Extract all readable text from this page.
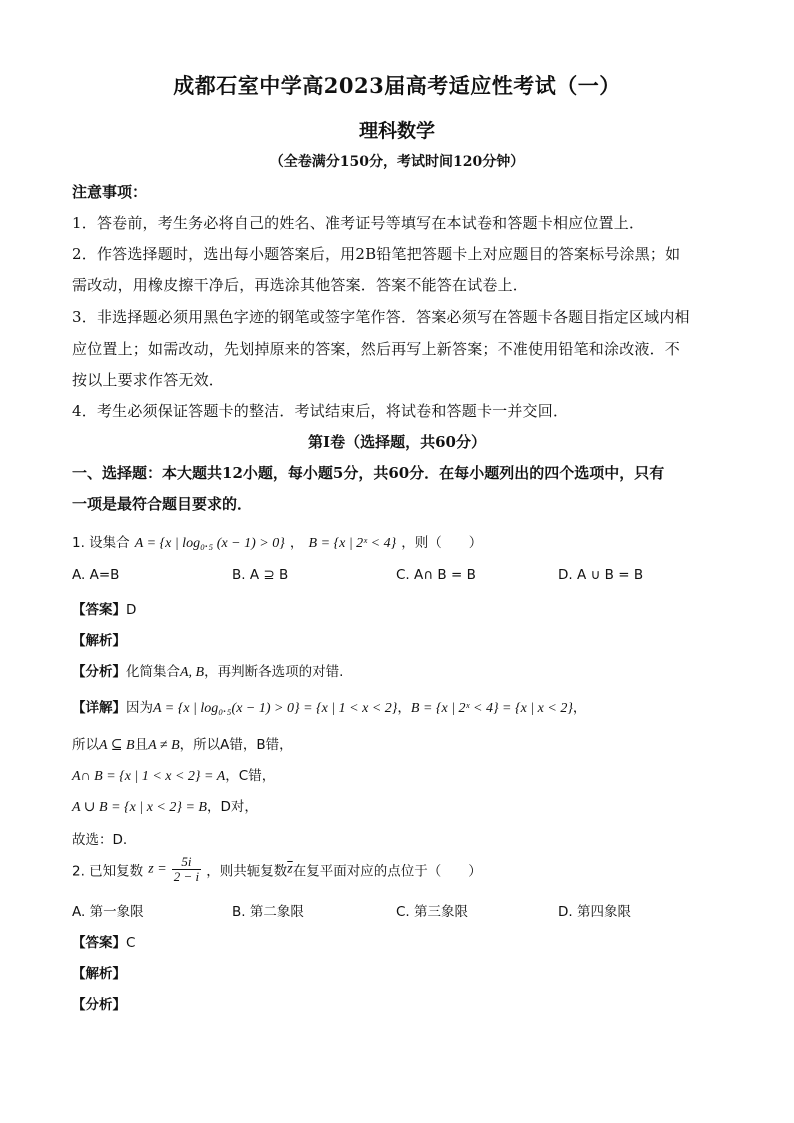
成都石室中学高2023届高考适应性考试（一）
理科数学
（全卷满分150分，考试时间120分钟）
注意事项：
1．答卷前，考生务必将自己的姓名、准考证号等填写在本试卷和答题卡相应位置上．
2．作答选择题时，选出每小题答案后，用2B铅笔把答题卡上对应题目的答案标号涂黑；如
需改动，用橡皮擦干净后，再选涂其他答案．答案不能答在试卷上．
3．非选择题必须用黑色字迹的钢笔或签字笔作答．答案必须写在答题卡各题目指定区域内相
应位置上；如需改动，先划掉原来的答案，然后再写上新答案；不准使用铅笔和涂改液．不
按以上要求作答无效．
4．考生必须保证答题卡的整洁．考试结束后，将试卷和答题卡一并交回．
第Ⅰ卷（选择题，共60分）
一、选择题：本大题共12小题，每小题5分，共60分．在每小题列出的四个选项中，只有
一项是最符合题目要求的．
1. 设集合 A = {x | log₀.₅ (x − 1) > 0} ， B = {x | 2ˣ < 4} ，则（　　）
A. A=B	B. A ⊇ B	C. A∩ B = B	D. A ∪ B = B
【答案】D
【解析】
【分析】化简集合A, B，再判断各选项的对错.
【详解】因为A = {x | log₀.₅(x − 1) > 0} = {x | 1 < x < 2}，B = {x | 2ˣ < 4} = {x | x < 2}，
所以A ⊆ B且A ≠ B，所以A错，B错，
A∩ B = {x | 1 < x < 2} = A，C错，
A ∪ B = {x | x < 2} = B，D对，
故选：D.
2. 已知复数 $z = \frac{5i}{2 - i}$ ，则共轭复数$\overline{z}$在复平面对应的点位于（　　）
A. 第一象限	B. 第二象限	C. 第三象限	D. 第四象限
【答案】C
【解析】
【分析】
